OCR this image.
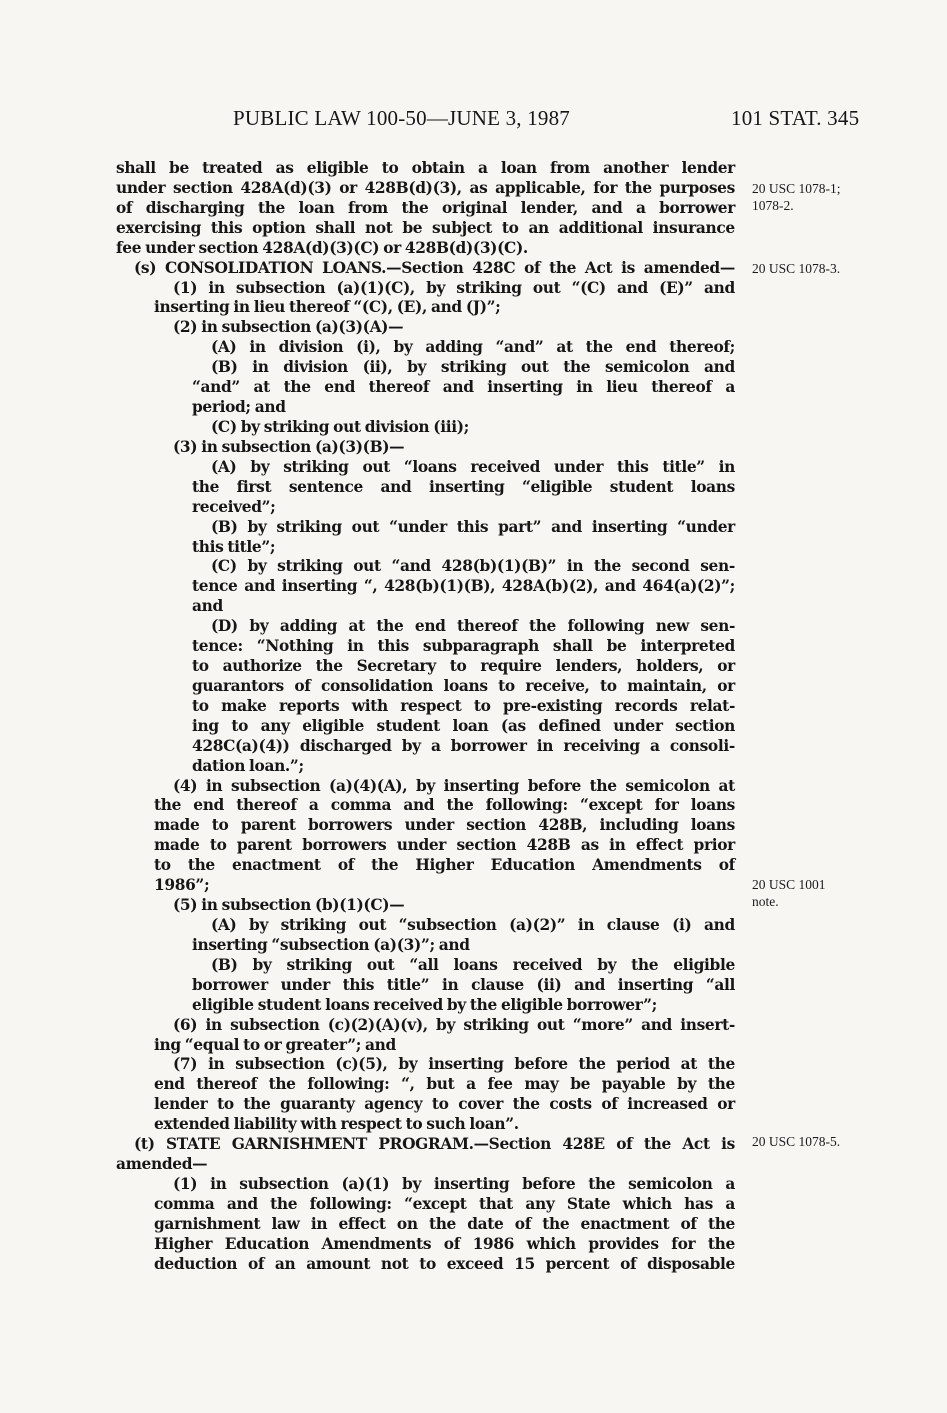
PUBLIC LAW 100-50—JUNE 3, 1987	101 STAT. 345
shall be treated as eligible to obtain a loan from another lender
under section 428A(d)(3) or 428B(d)(3), as applicable, for the purposes
of discharging the loan from the original lender, and a borrower
exercising this option shall not be subject to an additional insurance
fee under section 428A(d)(3)(C) or 428B(d)(3)(C).
(s) CONSOLIDATION LOANS.—Section 428C of the Act is amended—
(1) in subsection (a)(1)(C), by striking out “(C) and (E)” and
inserting in lieu thereof “(C), (E), and (J)”;
(2) in subsection (a)(3)(A)—
(A) in division (i), by adding “and” at the end thereof;
(B) in division (ii), by striking out the semicolon and
“and” at the end thereof and inserting in lieu thereof a
period; and
(C) by striking out division (iii);
(3) in subsection (a)(3)(B)—
(A) by striking out “loans received under this title” in
the first sentence and inserting “eligible student loans
received”;
(B) by striking out “under this part” and inserting “under
this title”;
(C) by striking out “and 428(b)(1)(B)” in the second sen-
tence and inserting “, 428(b)(1)(B), 428A(b)(2), and 464(a)(2)”;
and
(D) by adding at the end thereof the following new sen-
tence: “Nothing in this subparagraph shall be interpreted
to authorize the Secretary to require lenders, holders, or
guarantors of consolidation loans to receive, to maintain, or
to make reports with respect to pre-existing records relat-
ing to any eligible student loan (as defined under section
428C(a)(4)) discharged by a borrower in receiving a consoli-
dation loan.”;
(4) in subsection (a)(4)(A), by inserting before the semicolon at
the end thereof a comma and the following: “except for loans
made to parent borrowers under section 428B, including loans
made to parent borrowers under section 428B as in effect prior
to the enactment of the Higher Education Amendments of
1986”;
(5) in subsection (b)(1)(C)—
(A) by striking out “subsection (a)(2)” in clause (i) and
inserting “subsection (a)(3)”; and
(B) by striking out “all loans received by the eligible
borrower under this title” in clause (ii) and inserting “all
eligible student loans received by the eligible borrower”;
(6) in subsection (c)(2)(A)(v), by striking out “more” and insert-
ing “equal to or greater”; and
(7) in subsection (c)(5), by inserting before the period at the
end thereof the following: “, but a fee may be payable by the
lender to the guaranty agency to cover the costs of increased or
extended liability with respect to such loan”.
(t) STATE GARNISHMENT PROGRAM.—Section 428E of the Act is
amended—
(1) in subsection (a)(1) by inserting before the semicolon a
comma and the following: “except that any State which has a
garnishment law in effect on the date of the enactment of the
Higher Education Amendments of 1986 which provides for the
deduction of an amount not to exceed 15 percent of disposable
20 USC 1078-1;
1078-2.
20 USC 1078-3.
20 USC 1001
note.
20 USC 1078-5.
